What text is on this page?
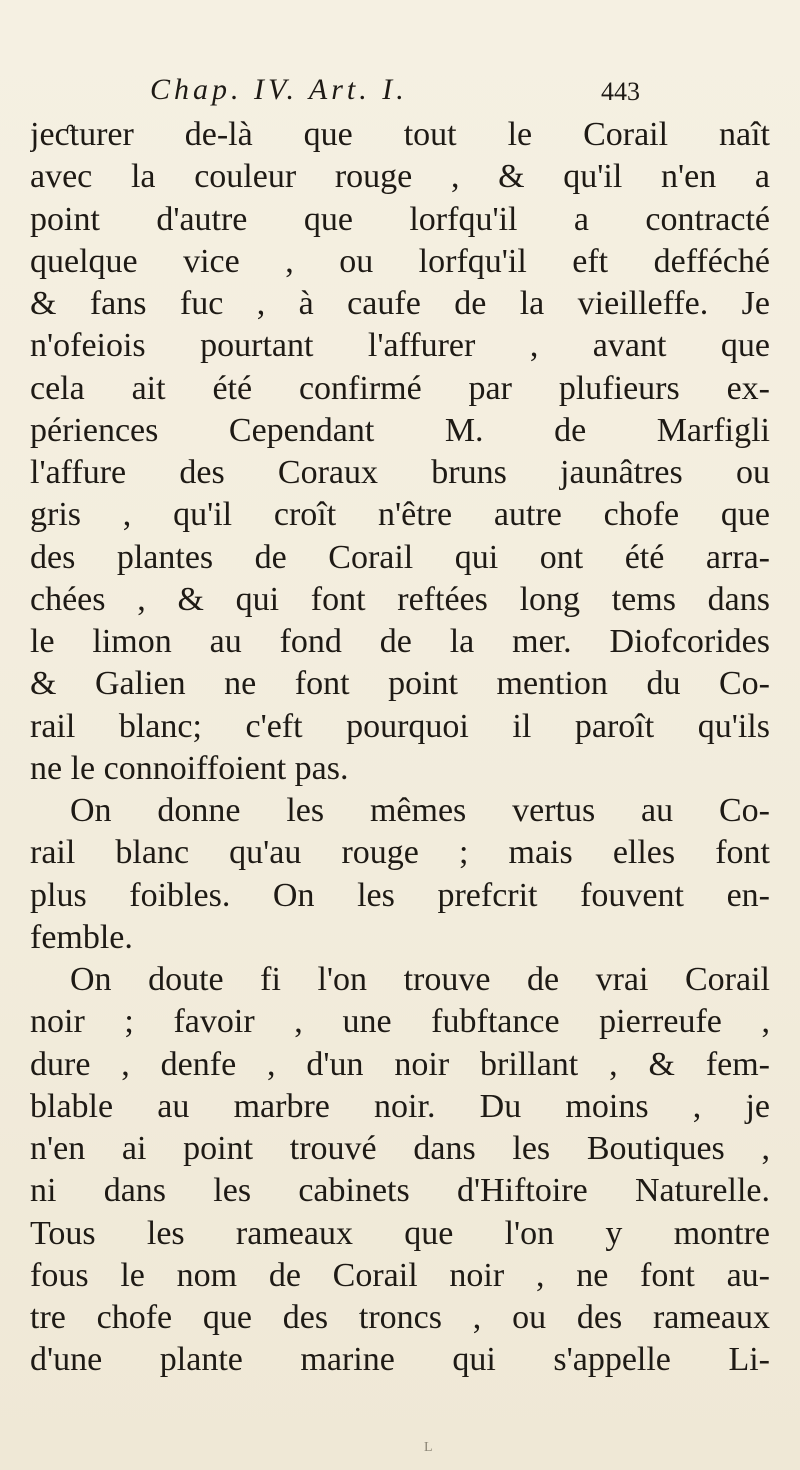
Chap. IV. Art. I.	443
jeƈturer de-là que tout le Corail naît
avec la couleur rouge , & qu'il n'en a
point d'autre que lorfqu'il a contracté
quelque vice , ou lorfqu'il eft defféché
& fans fuc , à caufe de la vieilleffe. Je
n'ofeiois pourtant l'affurer , avant que
cela ait été confirmé par plufieurs ex-
périences Cependant M. de Marfigli
l'affure des Coraux bruns jaunâtres ou
gris , qu'il croît n'être autre chofe que
des plantes de Corail qui ont été arra-
chées , & qui font reftées long tems dans
le limon au fond de la mer. Diofcorides
& Galien ne font point mention du Co-
rail blanc; c'eft pourquoi il paroît qu'ils
ne le connoiffoient pas.
On donne les mêmes vertus au Co-
rail blanc qu'au rouge ; mais elles font
plus foibles. On les prefcrit fouvent en-
femble.
On doute fi l'on trouve de vrai Corail
noir ; favoir , une fubftance pierreufe ,
dure , denfe , d'un noir brillant , & fem-
blable au marbre noir. Du moins , je
n'en ai point trouvé dans les Boutiques ,
ni dans les cabinets d'Hiftoire Naturelle.
Tous les rameaux que l'on y montre
fous le nom de Corail noir , ne font au-
tre chofe que des troncs , ou des rameaux
d'une plante marine qui s'appelle Li-
L
